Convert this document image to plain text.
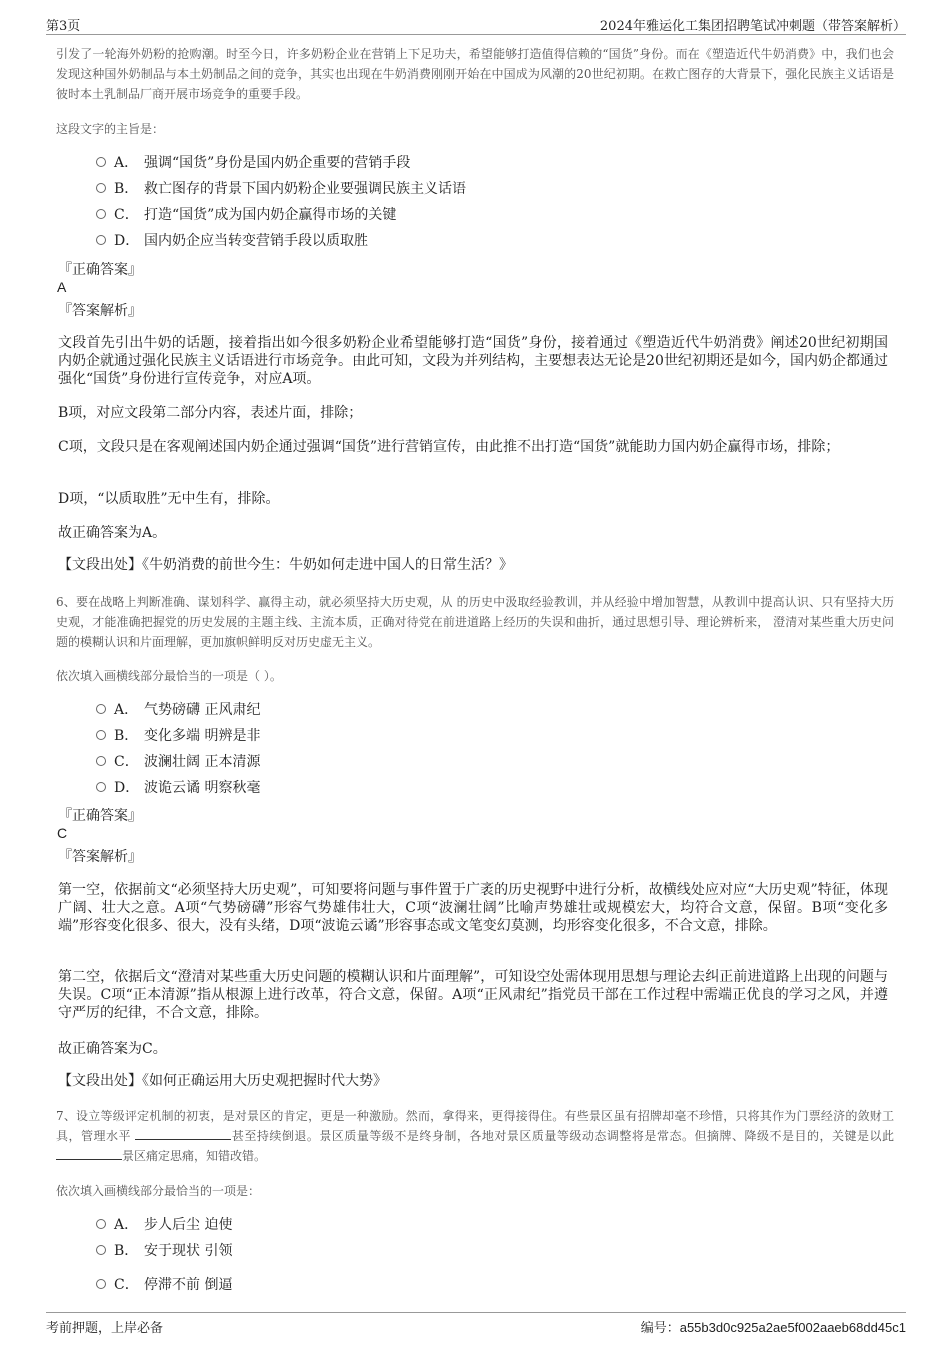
第3页	2024年雅运化工集团招聘笔试冲刺题（带答案解析）
引发了一轮海外奶粉的抢购潮。时至今日，许多奶粉企业在营销上下足功夫，希望能够打造值得信赖的“国货”身份。而在《塑造近代牛奶消费》中，我们也会发现这种国外奶制品与本土奶制品之间的竞争，其实也出现在牛奶消费刚刚开始在中国成为风潮的20世纪初期。在救亡图存的大背景下，强化民族主义话语是彼时本土乳制品厂商开展市场竞争的重要手段。
这段文字的主旨是：
A． 强调“国货”身份是国内奶企重要的营销手段
B． 救亡图存的背景下国内奶粉企业要强调民族主义话语
C． 打造“国货”成为国内奶企赢得市场的关键
D． 国内奶企应当转变营销手段以质取胜
『正确答案』
A
『答案解析』
文段首先引出牛奶的话题，接着指出如今很多奶粉企业希望能够打造“国货”身份，接着通过《塑造近代牛奶消费》阐述20世纪初期国内奶企就通过强化民族主义话语进行市场竞争。由此可知，文段为并列结构，主要想表达无论是20世纪初期还是如今，国内奶企都通过强化“国货”身份进行宣传竞争，对应A项。
B项，对应文段第二部分内容，表述片面，排除；
C项，文段只是在客观阐述国内奶企通过强调“国货”进行营销宣传，由此推不出打造“国货”就能助力国内奶企赢得市场，排除；
D项，“以质取胜”无中生有，排除。
故正确答案为A。
【文段出处】《牛奶消费的前世今生：牛奶如何走进中国人的日常生活？》
6、要在战略上判断准确、谋划科学、赢得主动，就必须坚持大历史观，从 的历史中汲取经验教训，并从经验中增加智慧，从教训中提高认识、只有坚持大历史观，才能准确把握党的历史发展的主题主线、主流本质，正确对待党在前进道路上经历的失误和曲折，通过思想引导、理论辨析来， 澄清对某些重大历史问题的模糊认识和片面理解，更加旗帜鲜明反对历史虚无主义。
依次填入画横线部分最恰当的一项是（ ）。
A． 气势磅礴 正风肃纪
B． 变化多端 明辨是非
C． 波澜壮阔 正本清源
D． 波诡云谲 明察秋毫
『正确答案』
C
『答案解析』
第一空，依据前文“必须坚持大历史观”，可知要将问题与事件置于广袤的历史视野中进行分析，故横线处应对应“大历史观”特征，体现广阔、壮大之意。A项“气势磅礴”形容气势雄伟壮大，C项“波澜壮阔”比喻声势雄壮或规模宏大，均符合文意，保留。B项“变化多端”形容变化很多、很大，没有头绪，D项“波诡云谲”形容事态或文笔变幻莫测，均形容变化很多，不合文意，排除。
第二空，依据后文“澄清对某些重大历史问题的模糊认识和片面理解”，可知设空处需体现用思想与理论去纠正前进道路上出现的问题与失误。C项“正本清源”指从根源上进行改革，符合文意，保留。A项“正风肃纪”指党员干部在工作过程中需端正优良的学习之风，并遵守严厉的纪律，不合文意，排除。
故正确答案为C。
【文段出处】《如何正确运用大历史观把握时代大势》
7、设立等级评定机制的初衷，是对景区的肯定，更是一种激励。然而，拿得来，更得接得住。有些景区虽有招牌却毫不珍惜，只将其作为门票经济的敛财工具，管理水平	甚至持续倒退。景区质量等级不是终身制，各地对景区质量等级动态调整将是常态。但摘牌、降级不是目的，关键是以此 景区痛定思痛，知错改错。
依次填入画横线部分最恰当的一项是：
A． 步人后尘 迫使
B． 安于现状 引领
C． 停滞不前 倒逼
考前押题，上岸必备	编号：a55b3d0c925a2ae5f002aaeb68dd45c1
